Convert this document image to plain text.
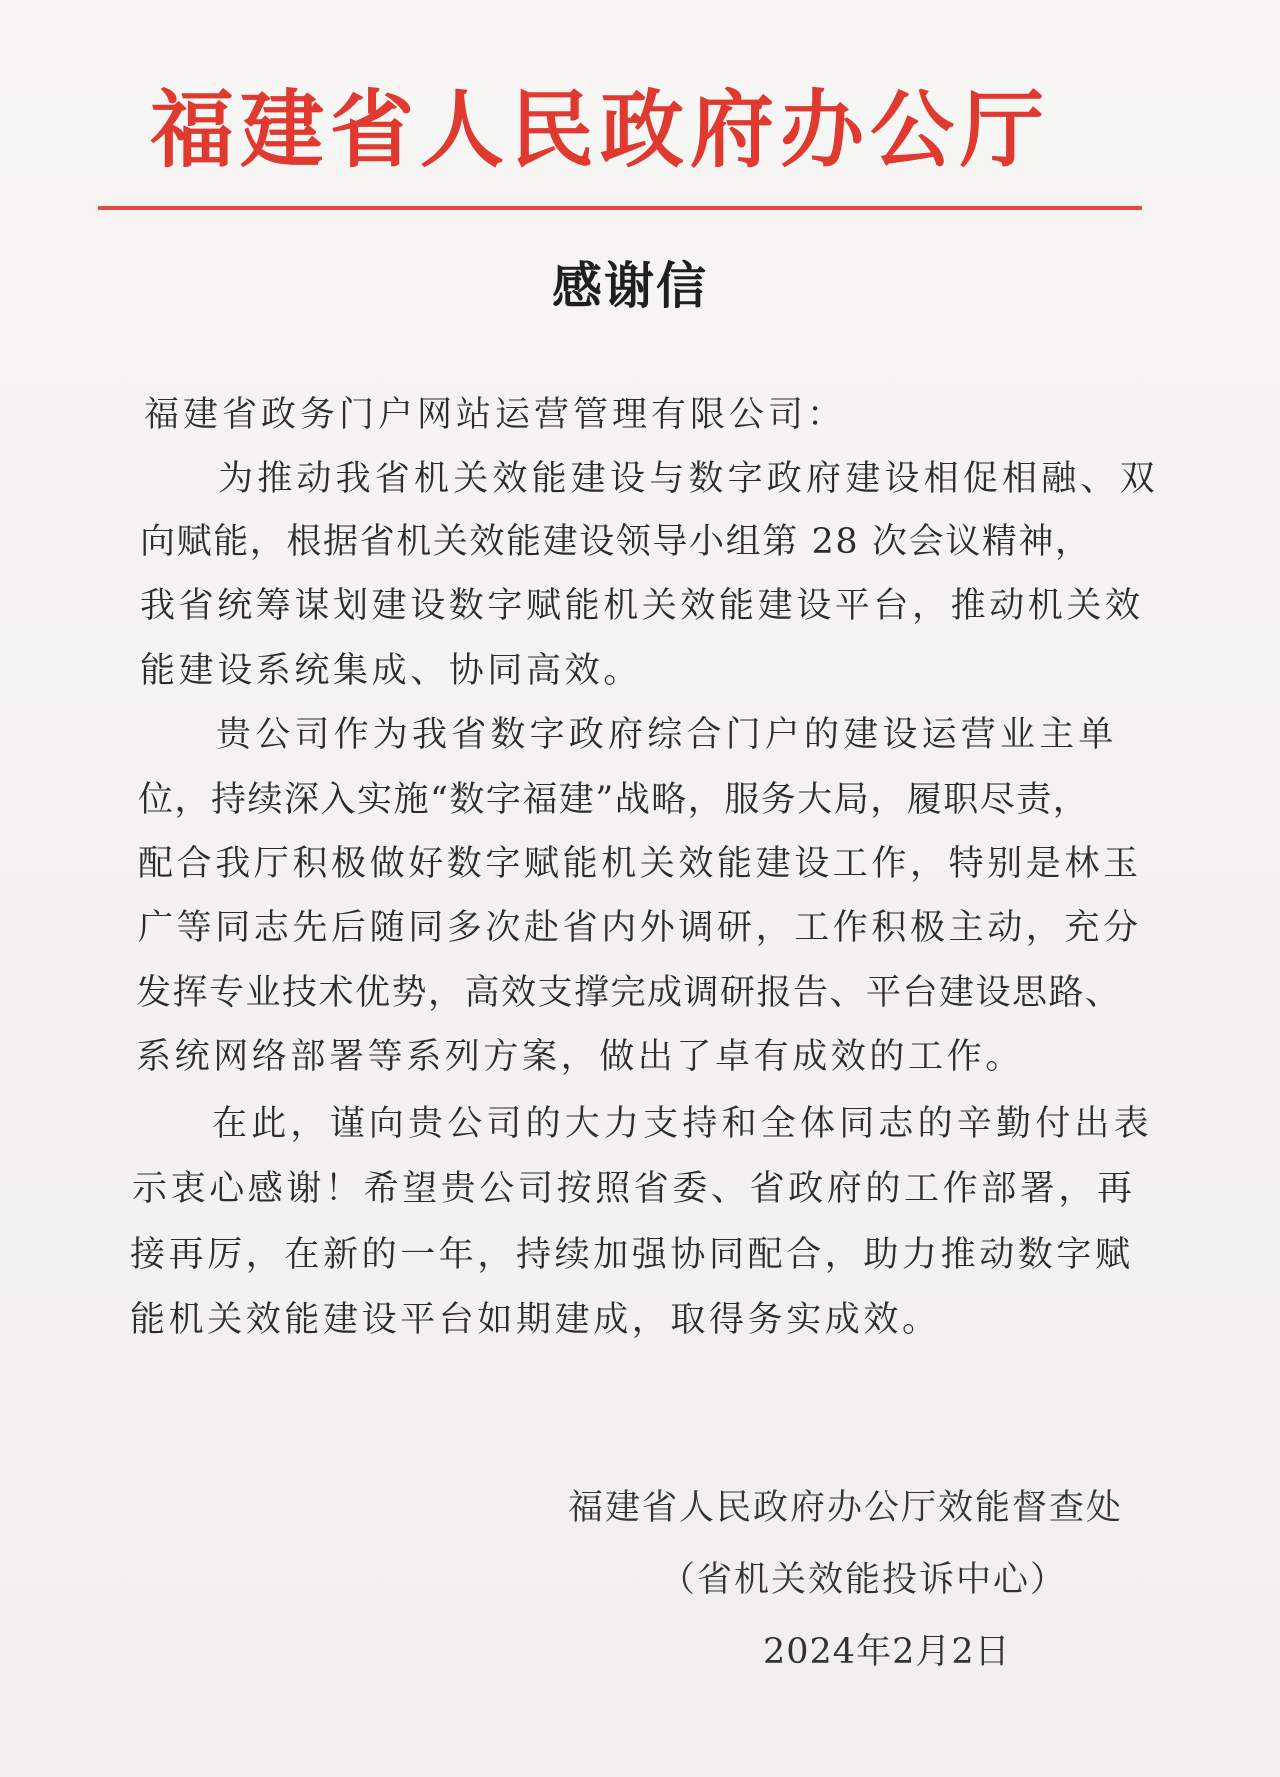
福建省人民政府办公厅
感谢信
福建省政务门户网站运营管理有限公司：
为推动我省机关效能建设与数字政府建设相促相融、双
向赋能，根据省机关效能建设领导小组第 28 次会议精神，
我省统筹谋划建设数字赋能机关效能建设平台，推动机关效
能建设系统集成、协同高效。
贵公司作为我省数字政府综合门户的建设运营业主单
位，持续深入实施“数字福建”战略，服务大局，履职尽责，
配合我厅积极做好数字赋能机关效能建设工作，特别是林玉
广等同志先后随同多次赴省内外调研，工作积极主动，充分
发挥专业技术优势，高效支撑完成调研报告、平台建设思路、
系统网络部署等系列方案，做出了卓有成效的工作。
在此，谨向贵公司的大力支持和全体同志的辛勤付出表
示衷心感谢！希望贵公司按照省委、省政府的工作部署，再
接再厉，在新的一年，持续加强协同配合，助力推动数字赋
能机关效能建设平台如期建成，取得务实成效。
福建省人民政府办公厅效能督查处
（省机关效能投诉中心）
2024年2月2日
